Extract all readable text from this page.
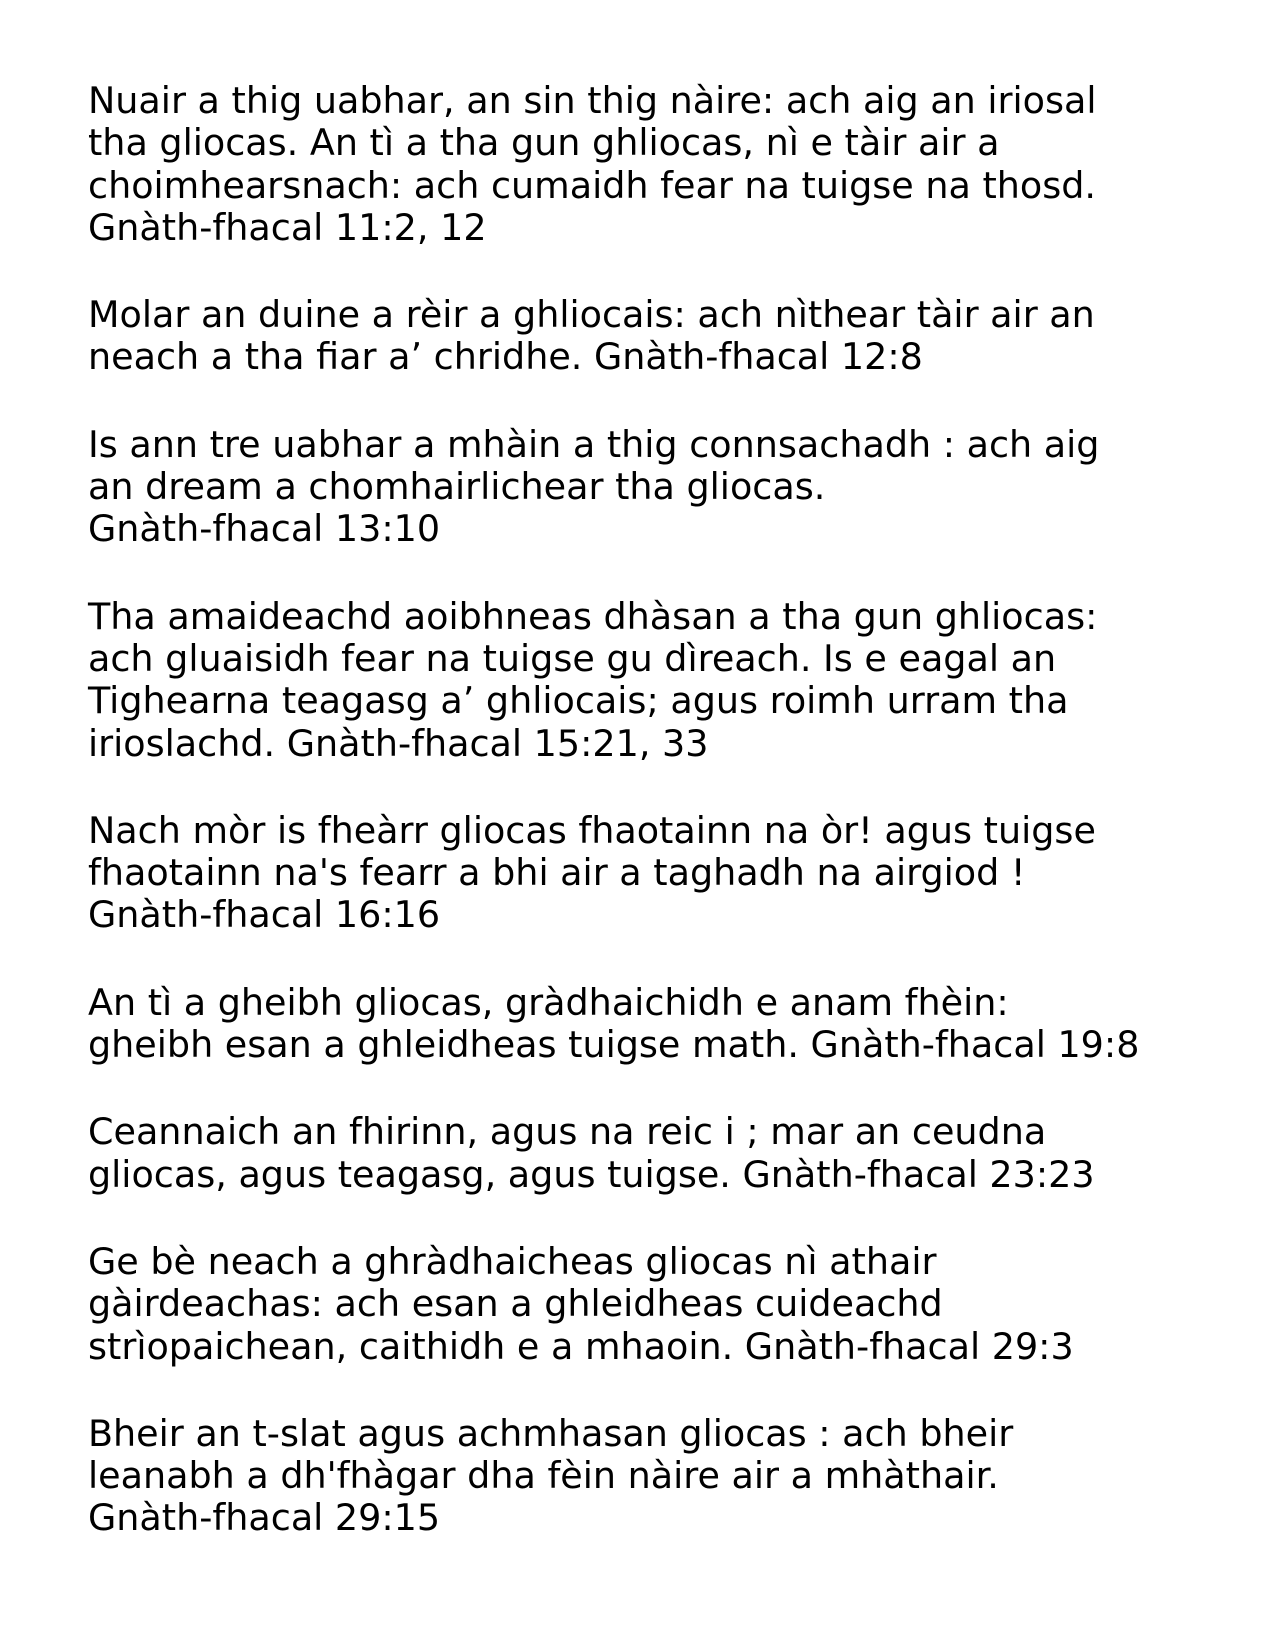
Nuair a thig uabhar, an sin thig nàire: ach aig an iriosal
tha gliocas. An tì a tha gun ghliocas, nì e tàir air a
choimhearsnach: ach cumaidh fear na tuigse na thosd.
Gnàth-fhacal 11:2, 12

Molar an duine a rèir a ghliocais: ach nìthear tàir air an
neach a tha fiar a’ chridhe. Gnàth-fhacal 12:8

Is ann tre uabhar a mhàin a thig connsachadh : ach aig
an dream a chomhairlichear tha gliocas.
Gnàth-fhacal 13:10

Tha amaideachd aoibhneas dhàsan a tha gun ghliocas:
ach gluaisidh fear na tuigse gu dìreach. Is e eagal an
Tighearna teagasg a’ ghliocais; agus roimh urram tha
irioslachd. Gnàth-fhacal 15:21, 33

Nach mòr is fheàrr gliocas fhaotainn na òr! agus tuigse
fhaotainn na's fearr a bhi air a taghadh na airgiod !
Gnàth-fhacal 16:16

An tì a gheibh gliocas, gràdhaichidh e anam fhèin:
gheibh esan a ghleidheas tuigse math. Gnàth-fhacal 19:8

Ceannaich an fhirinn, agus na reic i ; mar an ceudna
gliocas, agus teagasg, agus tuigse. Gnàth-fhacal 23:23

Ge bè neach a ghràdhaicheas gliocas nì athair
gàirdeachas: ach esan a ghleidheas cuideachd
strìopaichean, caithidh e a mhaoin. Gnàth-fhacal 29:3

Bheir an t-slat agus achmhasan gliocas : ach bheir
leanabh a dh'fhàgar dha fèin nàire air a mhàthair.
Gnàth-fhacal 29:15
